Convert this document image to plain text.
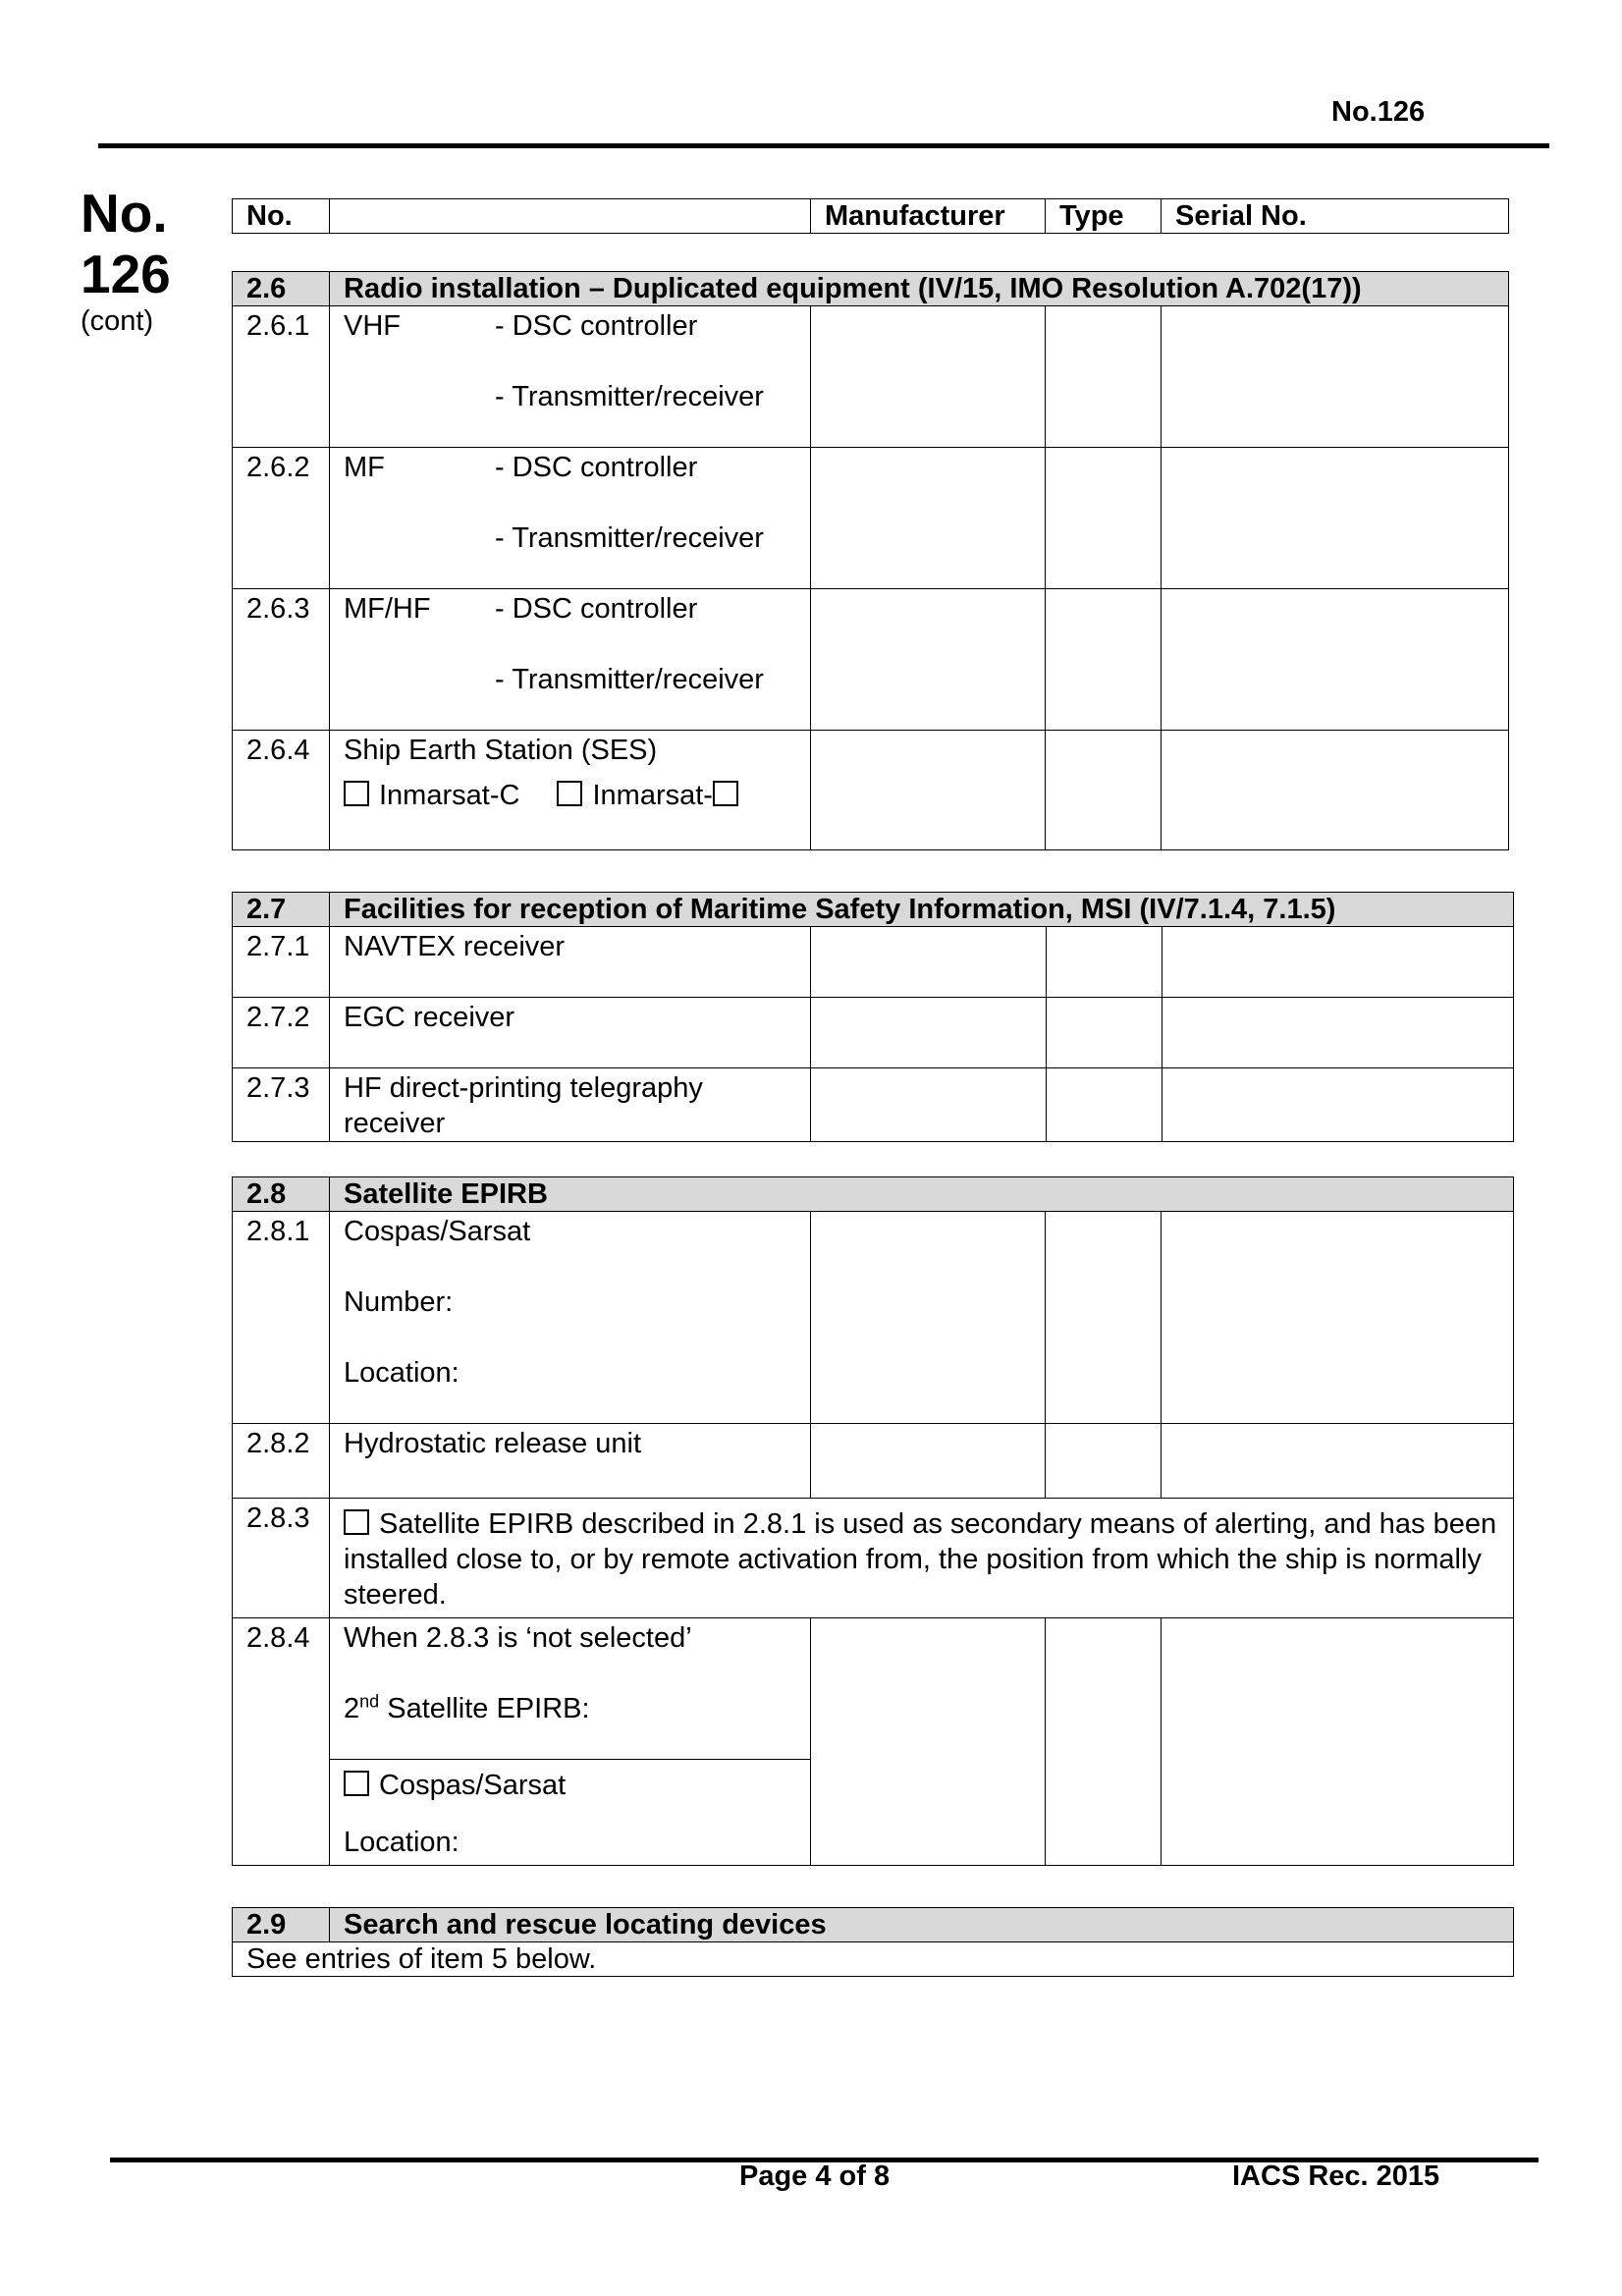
No.126
No.
126
(cont)
No.		Manufacturer	Type	Serial No.
2.6	Radio installation – Duplicated equipment (IV/15, IMO Resolution A.702(17))			
2.6.1	VHF - DSC controller
- Transmitter/receiver			

2.6.2	MF - DSC controller
- Transmitter/receiver			

2.6.3	MF/HF - DSC controller
- Transmitter/receiver			

2.6.4	Ship Earth Station (SES)
Inmarsat-C Inmarsat-			

2.7	Facilities for reception of Maritime Safety Information, MSI (IV/7.1.4, 7.1.5)			
2.7.1	NAVTEX receiver			
2.7.2	EGC receiver			
2.7.3	HF direct-printing telegraphy receiver			
2.8	Satellite EPIRB			
2.8.1	Cospas/Sarsat
Number:
Location:			

2.8.2	Hydrostatic release unit			
2.8.3	Satellite EPIRB described in 2.8.1 is used as secondary means of alerting, and has been installed close to, or by remote activation from, the position from which the ship is normally steered.			
2.8.4	When 2.8.3 is ‘not selected’
2nd Satellite EPIRB:			

	Cospas/Sarsat
Location:			
2.9	Search and rescue locating devices
See entries of item 5 below.
Page 4 of 8	IACS Rec. 2015
